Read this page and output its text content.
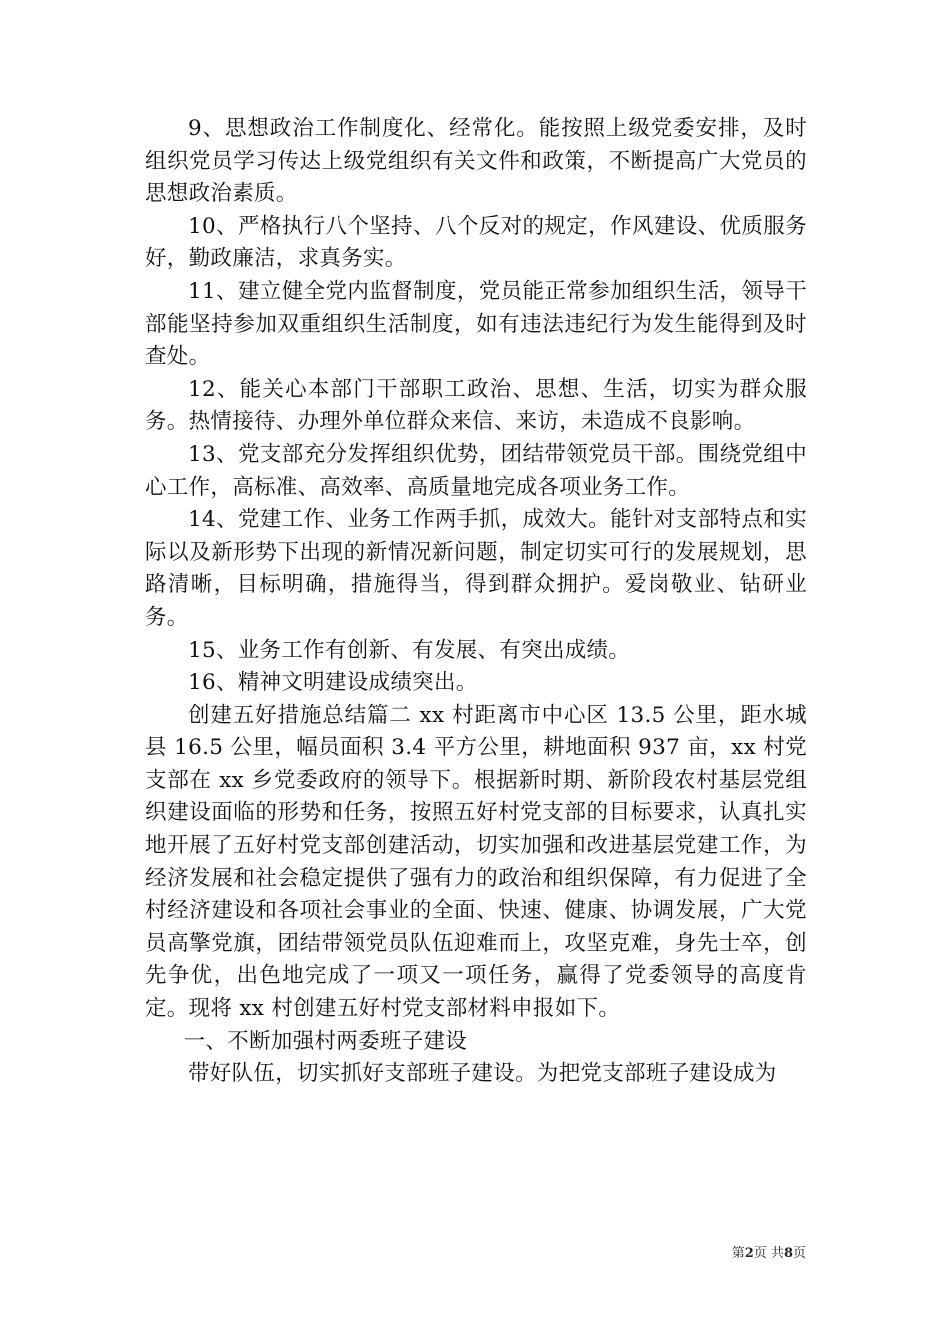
9、思想政治工作制度化、经常化。能按照上级党委安排，及时组织党员学习传达上级党组织有关文件和政策，不断提高广大党员的思想政治素质。

10、严格执行八个坚持、八个反对的规定，作风建设、优质服务好，勤政廉洁，求真务实。

11、建立健全党内监督制度，党员能正常参加组织生活，领导干部能坚持参加双重组织生活制度，如有违法违纪行为发生能得到及时查处。

12、能关心本部门干部职工政治、思想、生活，切实为群众服务。热情接待、办理外单位群众来信、来访，未造成不良影响。

13、党支部充分发挥组织优势，团结带领党员干部。围绕党组中心工作，高标准、高效率、高质量地完成各项业务工作。

14、党建工作、业务工作两手抓，成效大。能针对支部特点和实际以及新形势下出现的新情况新问题，制定切实可行的发展规划，思路清晰，目标明确，措施得当，得到群众拥护。爱岗敬业、钻研业务。

15、业务工作有创新、有发展、有突出成绩。

16、精神文明建设成绩突出。

创建五好措施总结篇二 xx 村距离市中心区 13.5 公里，距水城县 16.5 公里，幅员面积 3.4 平方公里，耕地面积 937 亩，xx 村党支部在 xx 乡党委政府的领导下。根据新时期、新阶段农村基层党组织建设面临的形势和任务，按照五好村党支部的目标要求，认真扎实地开展了五好村党支部创建活动，切实加强和改进基层党建工作，为经济发展和社会稳定提供了强有力的政治和组织保障，有力促进了全村经济建设和各项社会事业的全面、快速、健康、协调发展，广大党员高擎党旗，团结带领党员队伍迎难而上，攻坚克难，身先士卒，创先争优，出色地完成了一项又一项任务，赢得了党委领导的高度肯定。现将 xx 村创建五好村党支部材料申报如下。

一、不断加强村两委班子建设

带好队伍，切实抓好支部班子建设。为把党支部班子建设成为

第2页 共8页
